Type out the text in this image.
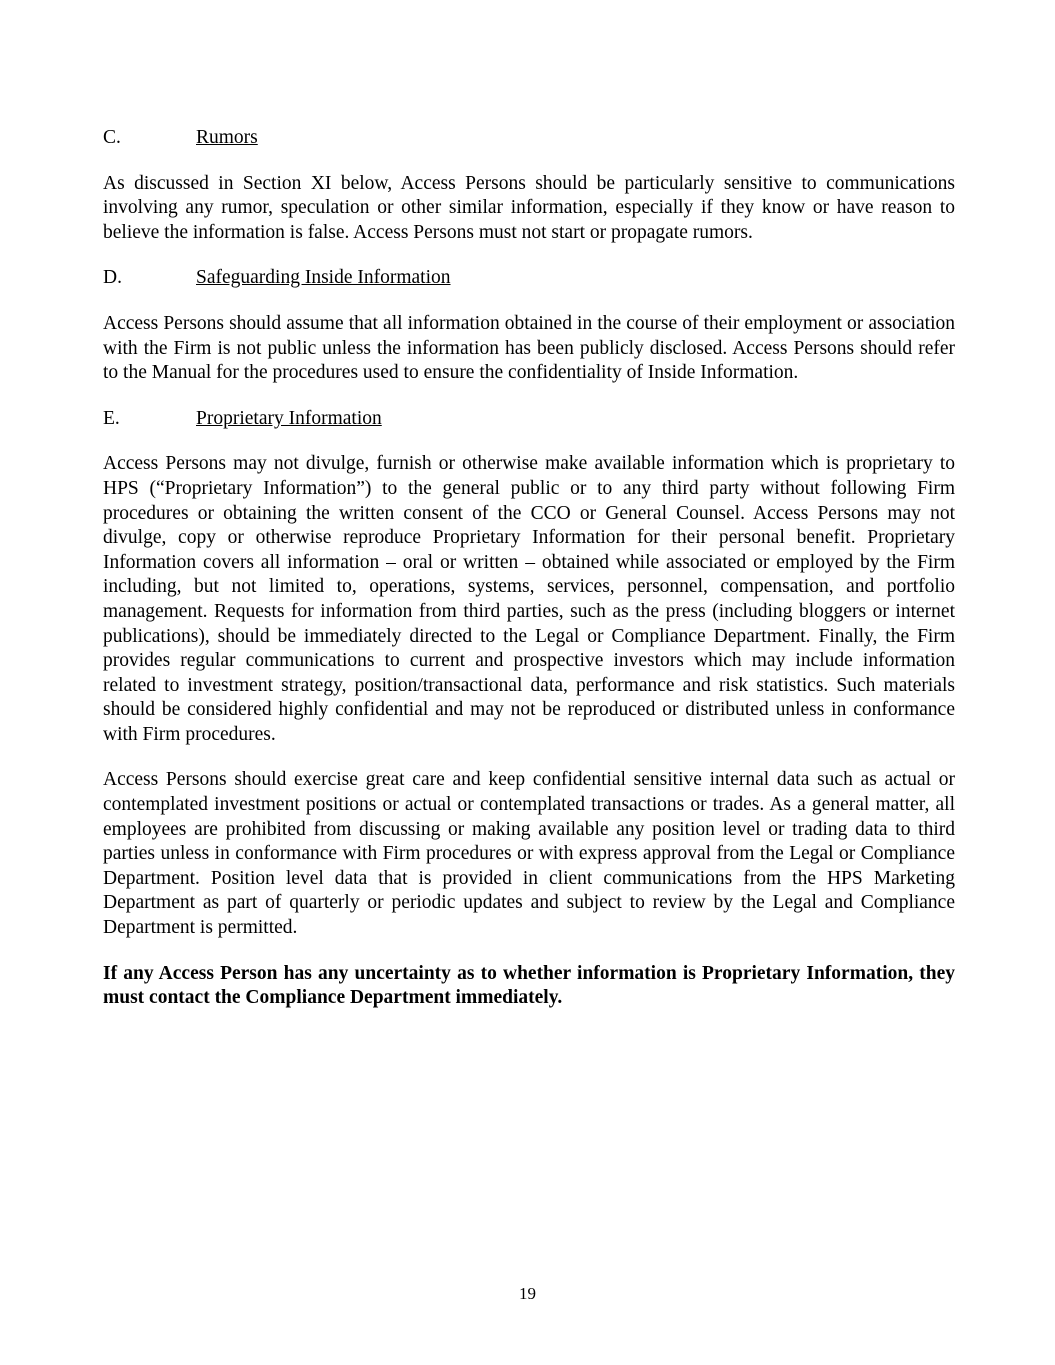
C.	Rumors

As discussed in Section XI below, Access Persons should be particularly sensitive to communications involving any rumor, speculation or other similar information, especially if they know or have reason to believe the information is false. Access Persons must not start or propagate rumors.

D.	Safeguarding Inside Information

Access Persons should assume that all information obtained in the course of their employment or association with the Firm is not public unless the information has been publicly disclosed. Access Persons should refer to the Manual for the procedures used to ensure the confidentiality of Inside Information.

E.	Proprietary Information

Access Persons may not divulge, furnish or otherwise make available information which is proprietary to HPS (“Proprietary Information”) to the general public or to any third party without following Firm procedures or obtaining the written consent of the CCO or General Counsel. Access Persons may not divulge, copy or otherwise reproduce Proprietary Information for their personal benefit. Proprietary Information covers all information – oral or written – obtained while associated or employed by the Firm including, but not limited to, operations, systems, services, personnel, compensation, and portfolio management. Requests for information from third parties, such as the press (including bloggers or internet publications), should be immediately directed to the Legal or Compliance Department. Finally, the Firm provides regular communications to current and prospective investors which may include information related to investment strategy, position/transactional data, performance and risk statistics. Such materials should be considered highly confidential and may not be reproduced or distributed unless in conformance with Firm procedures.

Access Persons should exercise great care and keep confidential sensitive internal data such as actual or contemplated investment positions or actual or contemplated transactions or trades. As a general matter, all employees are prohibited from discussing or making available any position level or trading data to third parties unless in conformance with Firm procedures or with express approval from the Legal or Compliance Department. Position level data that is provided in client communications from the HPS Marketing Department as part of quarterly or periodic updates and subject to review by the Legal and Compliance Department is permitted.

If any Access Person has any uncertainty as to whether information is Proprietary Information, they must contact the Compliance Department immediately.

19
